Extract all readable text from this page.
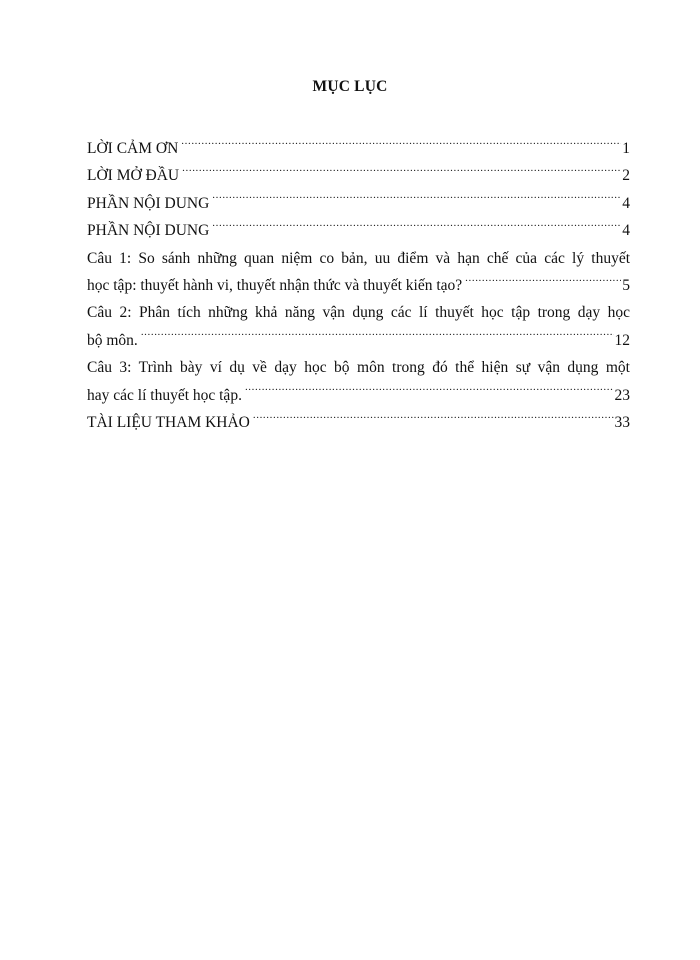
MỤC LỤC
LỜI CẢM ƠN .....	1
LỜI MỞ ĐẦU .....	2
PHẦN NỘI DUNG .....	4
PHẦN NỘI DUNG .....	4
Câu 1: So sánh những quan niệm co bản, uu điểm và hạn chế của các lý thuyết
học tập: thuyết hành vi, thuyết nhận thức và thuyết kiến tạo? .....	5
Câu 2: Phân tích những khả năng vận dụng các lí thuyết học tập trong dạy học
bộ môn. .....	12
Câu 3: Trình bày ví dụ về dạy học bộ môn trong đó thể hiện sự vận dụng một
hay các lí thuyết học tập. .....	23
TÀI LIỆU THAM KHẢO .....	33
